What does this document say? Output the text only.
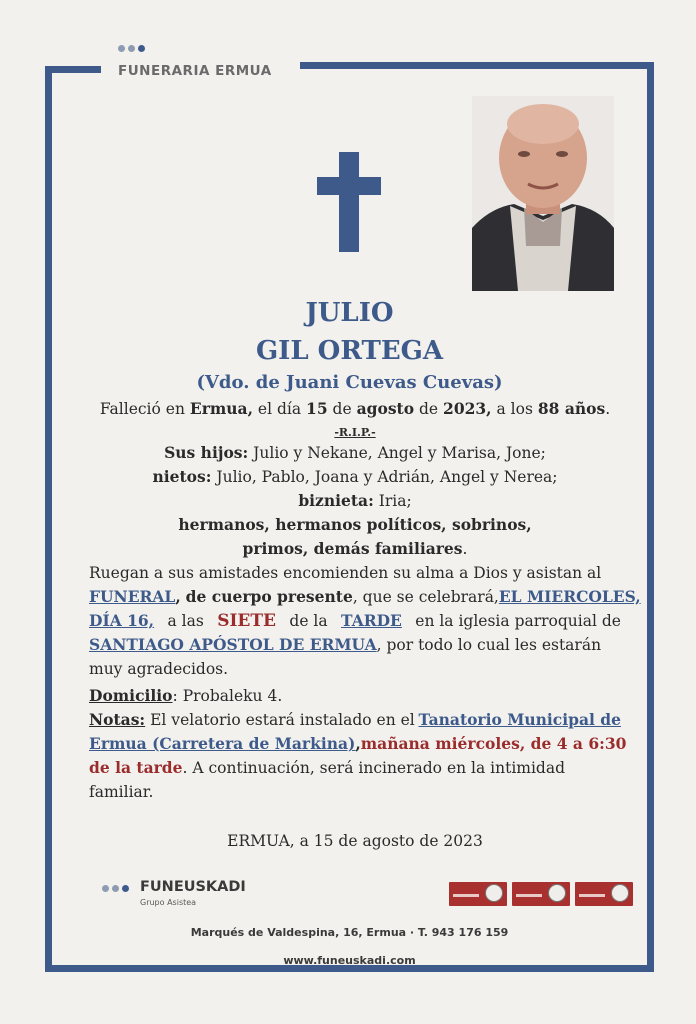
FUNERARIA ERMUA
JULIO
GIL ORTEGA
(Vdo. de Juani Cuevas Cuevas)
Falleció en Ermua, el día 15 de agosto de 2023, a los 88 años.
-R.I.P.-
Sus hijos: Julio y Nekane, Angel y Marisa, Jone;
nietos: Julio, Pablo, Joana y Adrián, Angel y Nerea;
biznieta: Iria;
hermanos, hermanos políticos, sobrinos,
primos, demás familiares.
Ruegan a sus amistades encomienden su alma a Dios y asistan al
FUNERAL, de cuerpo presente, que se celebrará, EL MIERCOLES,
DÍA 16, a las SIETE de la TARDE en la iglesia parroquial de
SANTIAGO APÓSTOL DE ERMUA, por todo lo cual les estarán
muy agradecidos.
Domicilio: Probaleku 4.
Notas: El velatorio estará instalado en el Tanatorio Municipal de
Ermua (Carretera de Markina), mañana miércoles, de 4 a 6:30
de la tarde. A continuación, será incinerado en la intimidad
familiar.
ERMUA, a 15 de agosto de 2023
FUNEUSKADI
Grupo Asistea
Marqués de Valdespina, 16, Ermua · T. 943 176 159
www.funeuskadi.com
